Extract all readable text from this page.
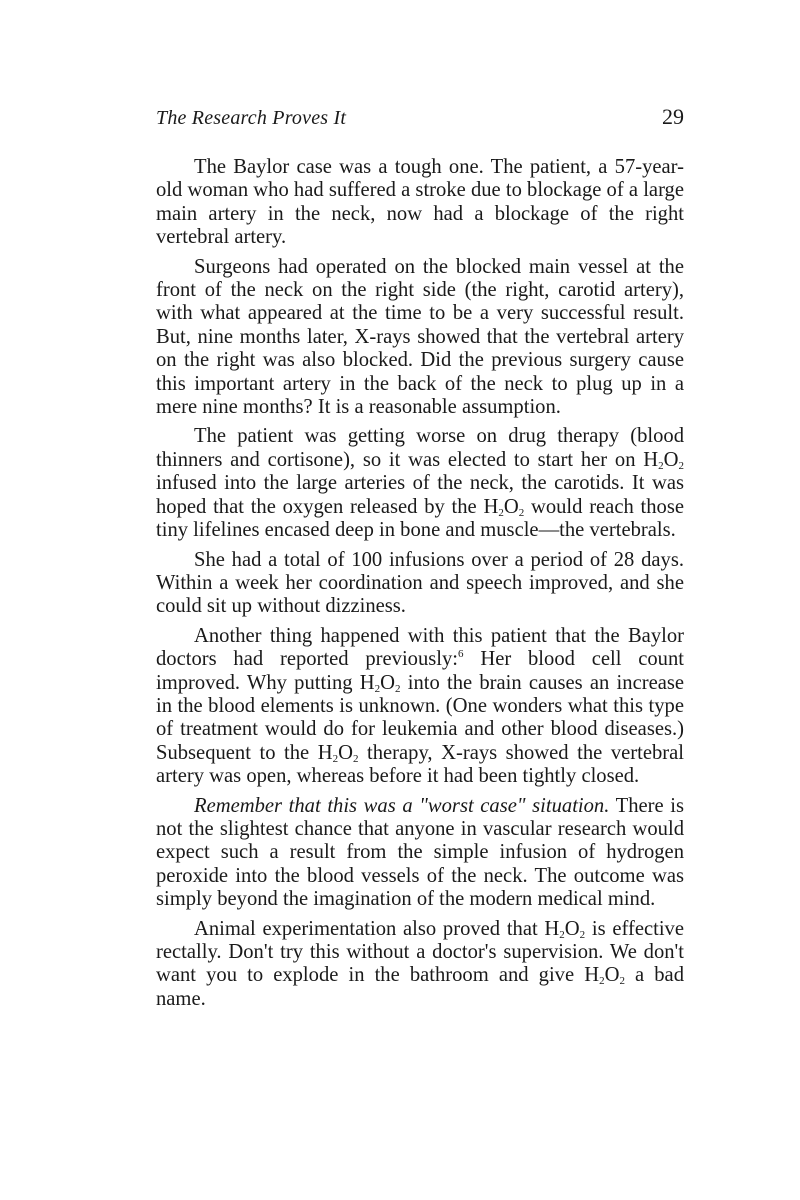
The Research Proves It	29

The Baylor case was a tough one. The patient, a 57-year-old woman who had suffered a stroke due to blockage of a large main artery in the neck, now had a blockage of the right vertebral artery.

Surgeons had operated on the blocked main vessel at the front of the neck on the right side (the right, carotid artery), with what appeared at the time to be a very successful result. But, nine months later, X-rays showed that the vertebral artery on the right was also blocked. Did the previous surgery cause this important artery in the back of the neck to plug up in a mere nine months? It is a reasonable assumption.

The patient was getting worse on drug therapy (blood thinners and cortisone), so it was elected to start her on $H_2O_2$ infused into the large arteries of the neck, the carotids. It was hoped that the oxygen released by the $H_2O_2$ would reach those tiny lifelines encased deep in bone and muscle—the vertebrals.

She had a total of 100 infusions over a period of 28 days. Within a week her coordination and speech improved, and she could sit up without dizziness.

Another thing happened with this patient that the Baylor doctors had reported previously:$^6$ Her blood cell count improved. Why putting $H_2O_2$ into the brain causes an increase in the blood elements is unknown. (One wonders what this type of treatment would do for leukemia and other blood diseases.) Subsequent to the $H_2O_2$ therapy, X-rays showed the vertebral artery was open, whereas before it had been tightly closed.

Remember that this was a "worst case" situation. There is not the slightest chance that anyone in vascular research would expect such a result from the simple infusion of hydrogen peroxide into the blood vessels of the neck. The outcome was simply beyond the imagination of the modern medical mind.

Animal experimentation also proved that $H_2O_2$ is effective rectally. Don't try this without a doctor's supervision. We don't want you to explode in the bathroom and give $H_2O_2$ a bad name.
